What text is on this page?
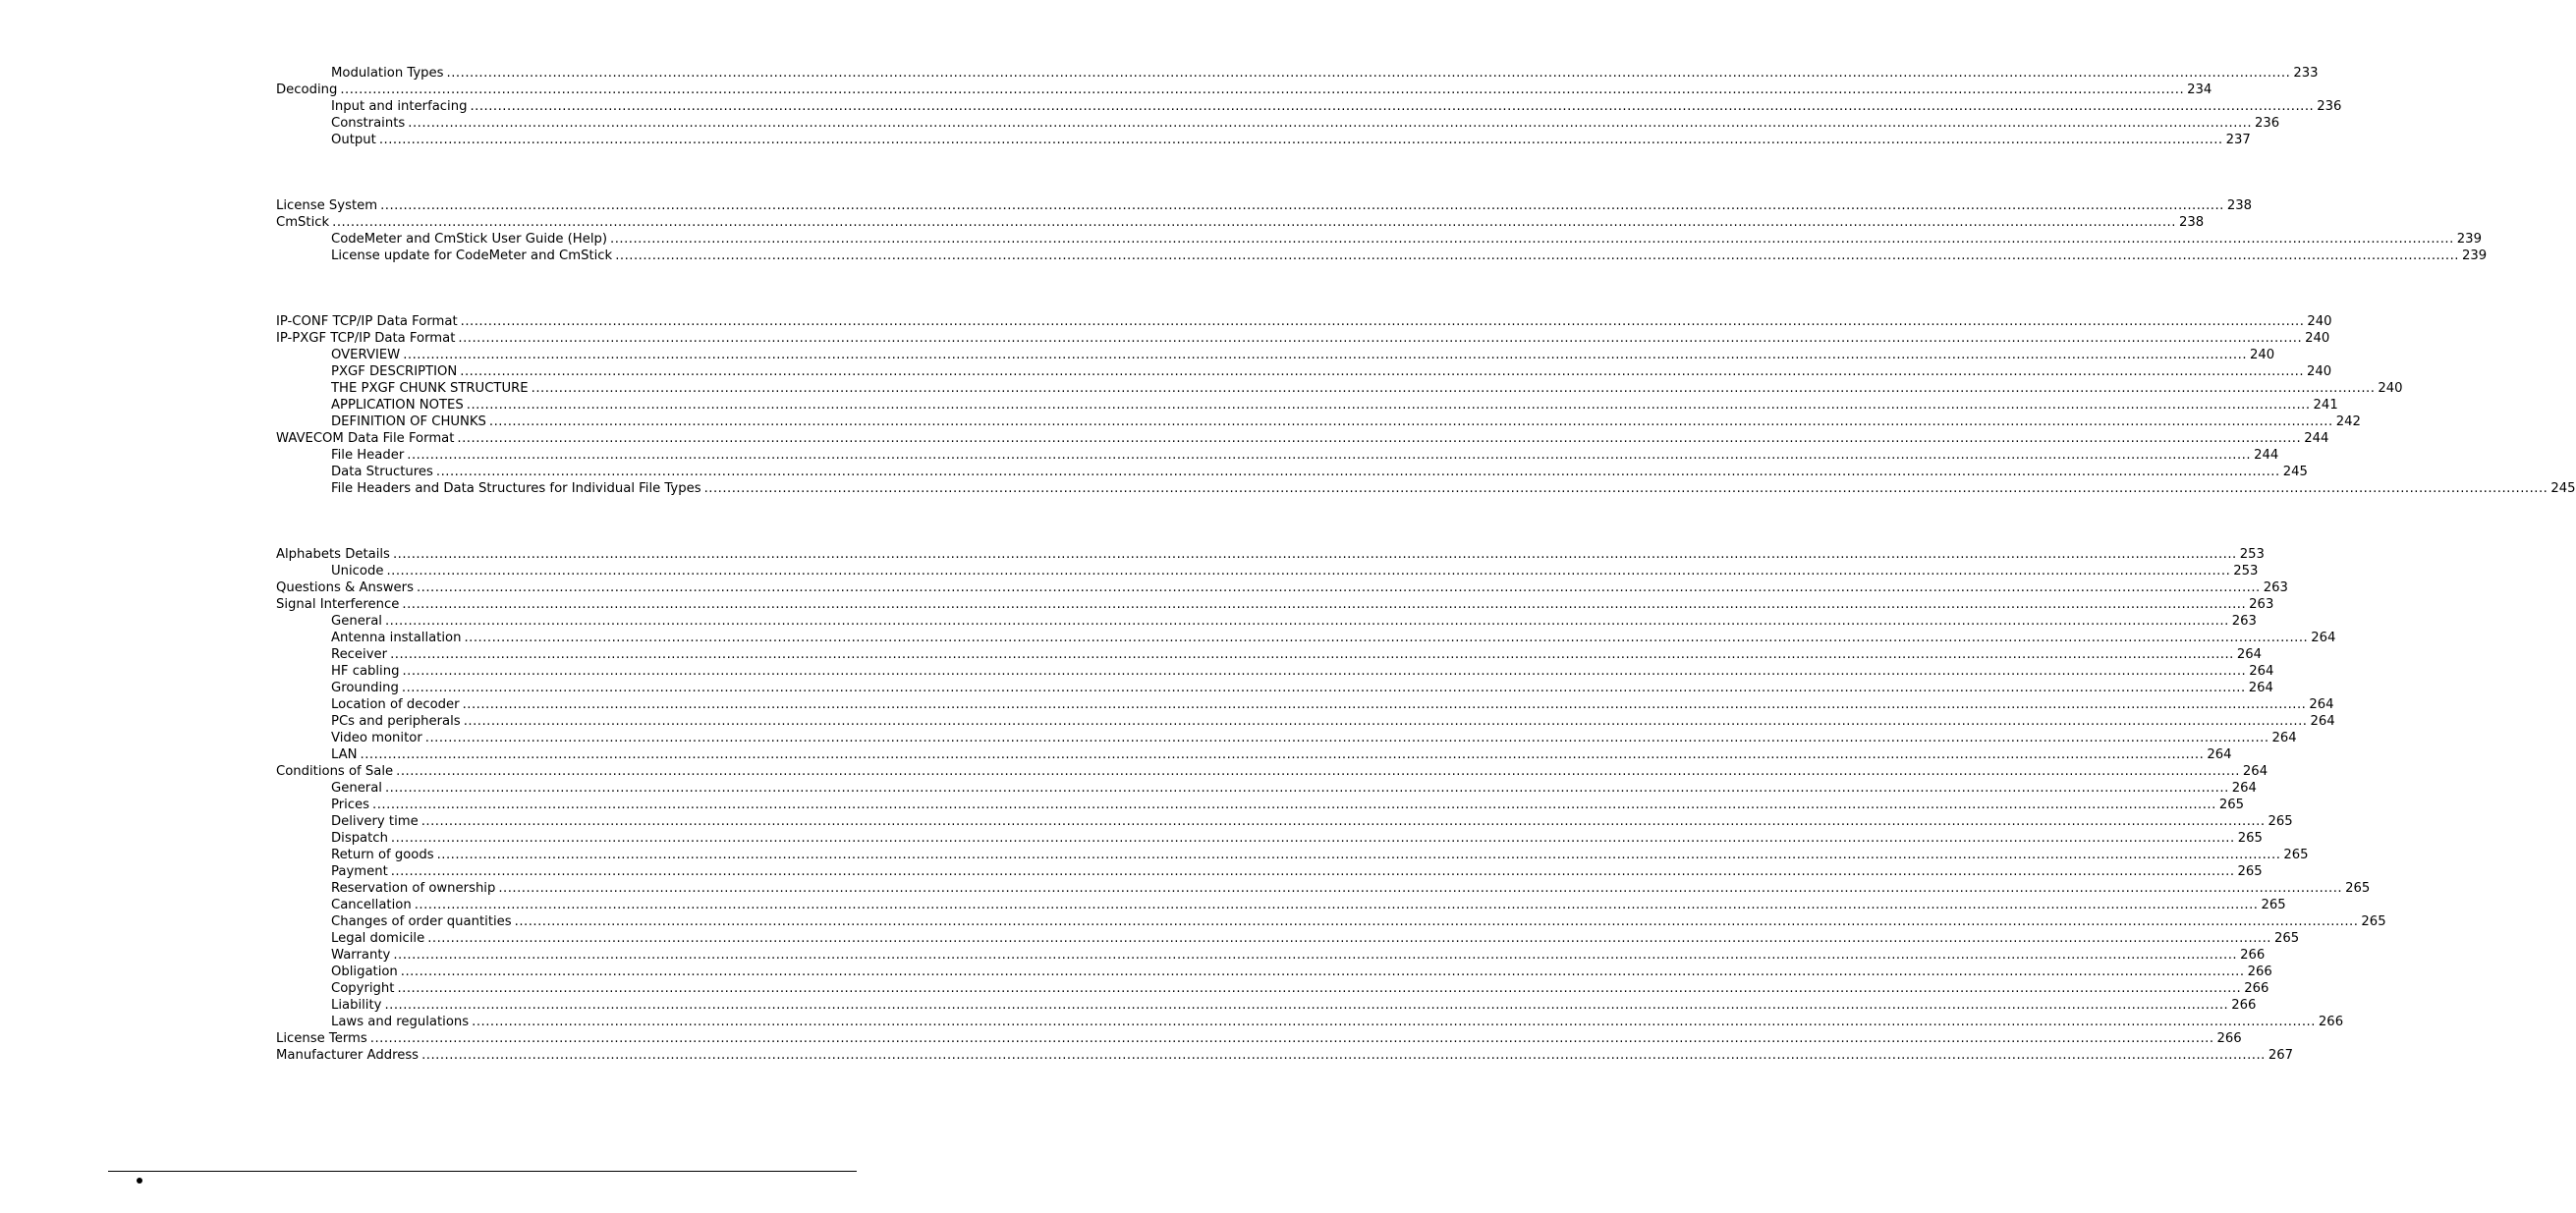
Modulation Types ................................................................................................................................................................................................................................................................................................................................................................................................................ 233
Decoding ................................................................................................................................................................................................................................................................................................................................................................................................................ 234
Input and interfacing ................................................................................................................................................................................................................................................................................................................................................................................................................ 236
Constraints ................................................................................................................................................................................................................................................................................................................................................................................................................ 236
Output ................................................................................................................................................................................................................................................................................................................................................................................................................ 237
License System ................................................................................................................................................................................................................................................................................................................................................................................................................ 238
CmStick ................................................................................................................................................................................................................................................................................................................................................................................................................ 238
CodeMeter and CmStick User Guide (Help) ................................................................................................................................................................................................................................................................................................................................................................................................................ 239
License update for CodeMeter and CmStick ................................................................................................................................................................................................................................................................................................................................................................................................................ 239
IP-CONF TCP/IP Data Format ................................................................................................................................................................................................................................................................................................................................................................................................................ 240
IP-PXGF TCP/IP Data Format ................................................................................................................................................................................................................................................................................................................................................................................................................ 240
OVERVIEW ................................................................................................................................................................................................................................................................................................................................................................................................................ 240
PXGF DESCRIPTION ................................................................................................................................................................................................................................................................................................................................................................................................................ 240
THE PXGF CHUNK STRUCTURE ................................................................................................................................................................................................................................................................................................................................................................................................................ 240
APPLICATION NOTES ................................................................................................................................................................................................................................................................................................................................................................................................................ 241
DEFINITION OF CHUNKS ................................................................................................................................................................................................................................................................................................................................................................................................................ 242
WAVECOM Data File Format ................................................................................................................................................................................................................................................................................................................................................................................................................ 244
File Header ................................................................................................................................................................................................................................................................................................................................................................................................................ 244
Data Structures ................................................................................................................................................................................................................................................................................................................................................................................................................ 245
File Headers and Data Structures for Individual File Types ................................................................................................................................................................................................................................................................................................................................................................................................................ 245
Alphabets Details ................................................................................................................................................................................................................................................................................................................................................................................................................ 253
Unicode ................................................................................................................................................................................................................................................................................................................................................................................................................ 253
Questions & Answers ................................................................................................................................................................................................................................................................................................................................................................................................................ 263
Signal Interference ................................................................................................................................................................................................................................................................................................................................................................................................................ 263
General ................................................................................................................................................................................................................................................................................................................................................................................................................ 263
Antenna installation ................................................................................................................................................................................................................................................................................................................................................................................................................ 264
Receiver ................................................................................................................................................................................................................................................................................................................................................................................................................ 264
HF cabling ................................................................................................................................................................................................................................................................................................................................................................................................................ 264
Grounding ................................................................................................................................................................................................................................................................................................................................................................................................................ 264
Location of decoder ................................................................................................................................................................................................................................................................................................................................................................................................................ 264
PCs and peripherals ................................................................................................................................................................................................................................................................................................................................................................................................................ 264
Video monitor ................................................................................................................................................................................................................................................................................................................................................................................................................ 264
LAN ................................................................................................................................................................................................................................................................................................................................................................................................................ 264
Conditions of Sale ................................................................................................................................................................................................................................................................................................................................................................................................................ 264
General ................................................................................................................................................................................................................................................................................................................................................................................................................ 264
Prices ................................................................................................................................................................................................................................................................................................................................................................................................................ 265
Delivery time ................................................................................................................................................................................................................................................................................................................................................................................................................ 265
Dispatch ................................................................................................................................................................................................................................................................................................................................................................................................................ 265
Return of goods ................................................................................................................................................................................................................................................................................................................................................................................................................ 265
Payment ................................................................................................................................................................................................................................................................................................................................................................................................................ 265
Reservation of ownership ................................................................................................................................................................................................................................................................................................................................................................................................................ 265
Cancellation ................................................................................................................................................................................................................................................................................................................................................................................................................ 265
Changes of order quantities ................................................................................................................................................................................................................................................................................................................................................................................................................ 265
Legal domicile ................................................................................................................................................................................................................................................................................................................................................................................................................ 265
Warranty ................................................................................................................................................................................................................................................................................................................................................................................................................ 266
Obligation ................................................................................................................................................................................................................................................................................................................................................................................................................ 266
Copyright ................................................................................................................................................................................................................................................................................................................................................................................................................ 266
Liability ................................................................................................................................................................................................................................................................................................................................................................................................................ 266
Laws and regulations ................................................................................................................................................................................................................................................................................................................................................................................................................ 266
License Terms ................................................................................................................................................................................................................................................................................................................................................................................................................ 266
Manufacturer Address ................................................................................................................................................................................................................................................................................................................................................................................................................ 267
